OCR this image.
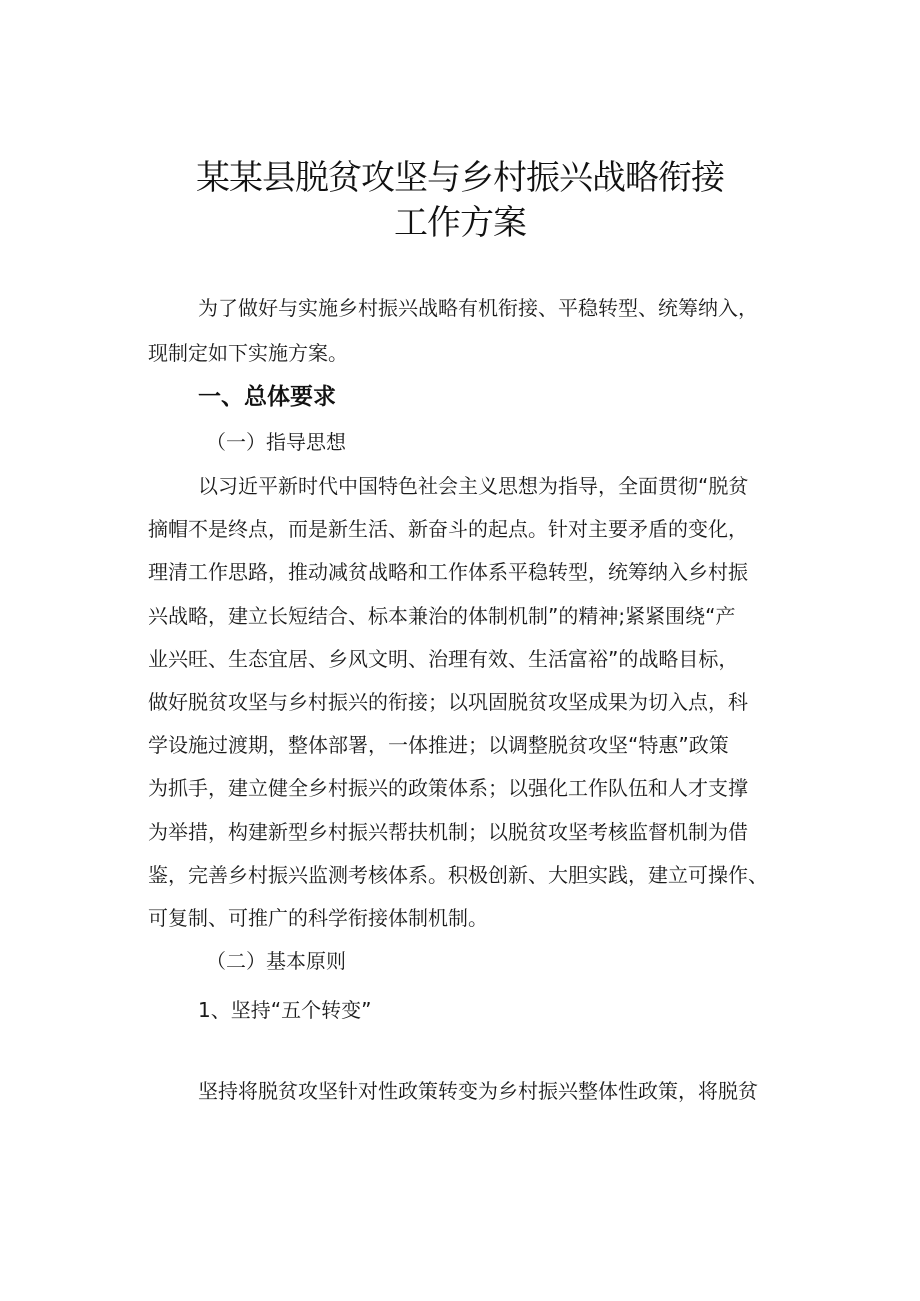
某某县脱贫攻坚与乡村振兴战略衔接
工作方案
为了做好与实施乡村振兴战略有机衔接、平稳转型、统筹纳入，
现制定如下实施方案。
一、总体要求
（一）指导思想
以习近平新时代中国特色社会主义思想为指导，全面贯彻“脱贫
摘帽不是终点，而是新生活、新奋斗的起点。针对主要矛盾的变化，
理清工作思路，推动减贫战略和工作体系平稳转型，统筹纳入乡村振
兴战略，建立长短结合、标本兼治的体制机制”的精神;紧紧围绕“产
业兴旺、生态宜居、乡风文明、治理有效、生活富裕”的战略目标，
做好脱贫攻坚与乡村振兴的衔接；以巩固脱贫攻坚成果为切入点，科
学设施过渡期，整体部署，一体推进；以调整脱贫攻坚“特惠”政策
为抓手，建立健全乡村振兴的政策体系；以强化工作队伍和人才支撑
为举措，构建新型乡村振兴帮扶机制；以脱贫攻坚考核监督机制为借
鉴，完善乡村振兴监测考核体系。积极创新、大胆实践，建立可操作、
可复制、可推广的科学衔接体制机制。
（二）基本原则
1、坚持“五个转变”
坚持将脱贫攻坚针对性政策转变为乡村振兴整体性政策，将脱贫
